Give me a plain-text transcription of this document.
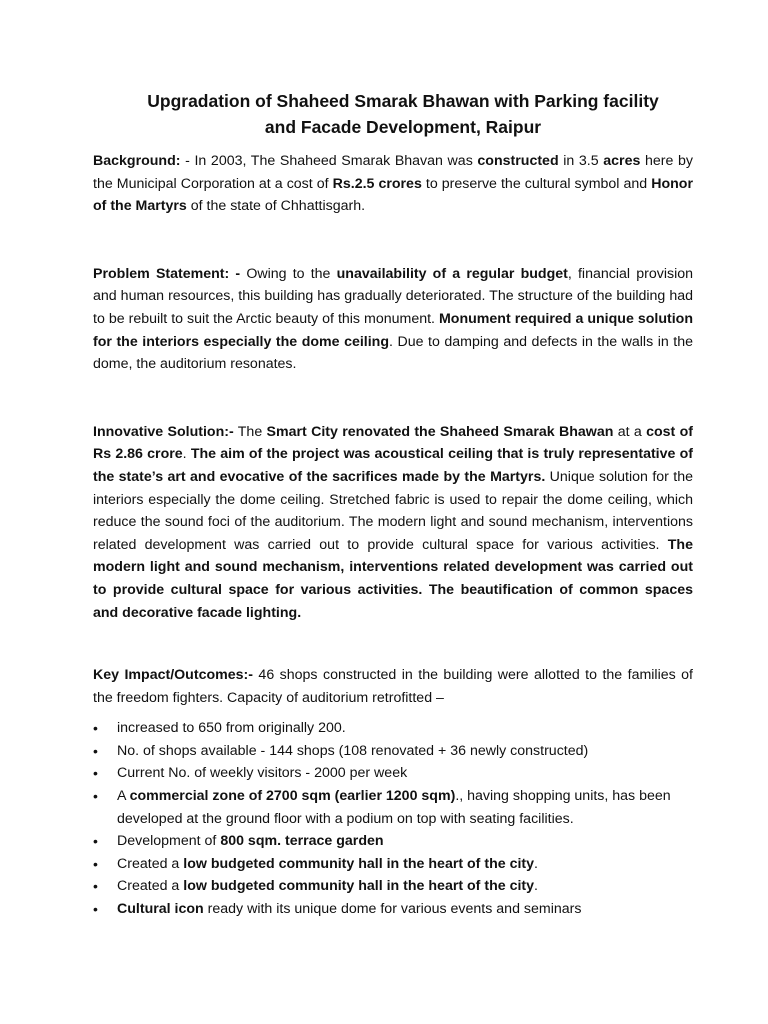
Upgradation of Shaheed Smarak Bhawan with Parking facility
and Facade Development, Raipur

Background: - In 2003, The Shaheed Smarak Bhavan was constructed in 3.5 acres here by the Municipal Corporation at a cost of Rs.2.5 crores to preserve the cultural symbol and Honor of the Martyrs of the state of Chhattisgarh.

Problem Statement: - Owing to the unavailability of a regular budget, financial provision and human resources, this building has gradually deteriorated. The structure of the building had to be rebuilt to suit the Arctic beauty of this monument. Monument required a unique solution for the interiors especially the dome ceiling. Due to damping and defects in the walls in the dome, the auditorium resonates.

Innovative Solution:- The Smart City renovated the Shaheed Smarak Bhawan at a cost of Rs 2.86 crore. The aim of the project was acoustical ceiling that is truly representative of the state’s art and evocative of the sacrifices made by the Martyrs. Unique solution for the interiors especially the dome ceiling. Stretched fabric is used to repair the dome ceiling, which reduce the sound foci of the auditorium. The modern light and sound mechanism, interventions related development was carried out to provide cultural space for various activities. The modern light and sound mechanism, interventions related development was carried out to provide cultural space for various activities. The beautification of common spaces and decorative facade lighting.

Key Impact/Outcomes:- 46 shops constructed in the building were allotted to the families of the freedom fighters. Capacity of auditorium retrofitted –

• increased to 650 from originally 200.
• No. of shops available - 144 shops (108 renovated + 36 newly constructed)
• Current No. of weekly visitors - 2000 per week
• A commercial zone of 2700 sqm (earlier 1200 sqm)., having shopping units, has been developed at the ground floor with a podium on top with seating facilities.
• Development of 800 sqm. terrace garden
• Created a low budgeted community hall in the heart of the city.
• Created a low budgeted community hall in the heart of the city.
• Cultural icon ready with its unique dome for various events and seminars
